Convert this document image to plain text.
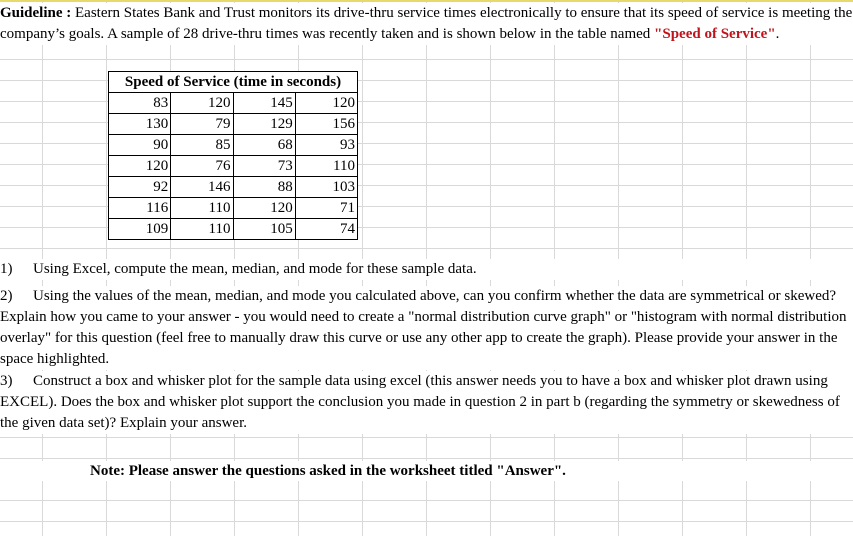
Guideline : Eastern States Bank and Trust monitors its drive-thru service times electronically to ensure that its speed of service is meeting the company’s goals. A sample of 28 drive-thru times was recently taken and is shown below in the table named "Speed of Service".
Speed of Service (time in seconds)
83	120	145	120
130	79	129	156
90	85	68	93
120	76	73	110
92	146	88	103
116	110	120	71
109	110	105	74
1) Using Excel, compute the mean, median, and mode for these sample data.
2) Using the values of the mean, median, and mode you calculated above, can you confirm whether the data are symmetrical or skewed? Explain how you came to your answer - you would need to create a "normal distribution curve graph" or "histogram with normal distribution overlay" for this question (feel free to manually draw this curve or use any other app to create the graph). Please provide your answer in the space highlighted.
3) Construct a box and whisker plot for the sample data using excel (this answer needs you to have a box and whisker plot drawn using EXCEL). Does the box and whisker plot support the conclusion you made in question 2 in part b (regarding the symmetry or skewedness of the given data set)? Explain your answer.
Note: Please answer the questions asked in the worksheet titled "Answer".
